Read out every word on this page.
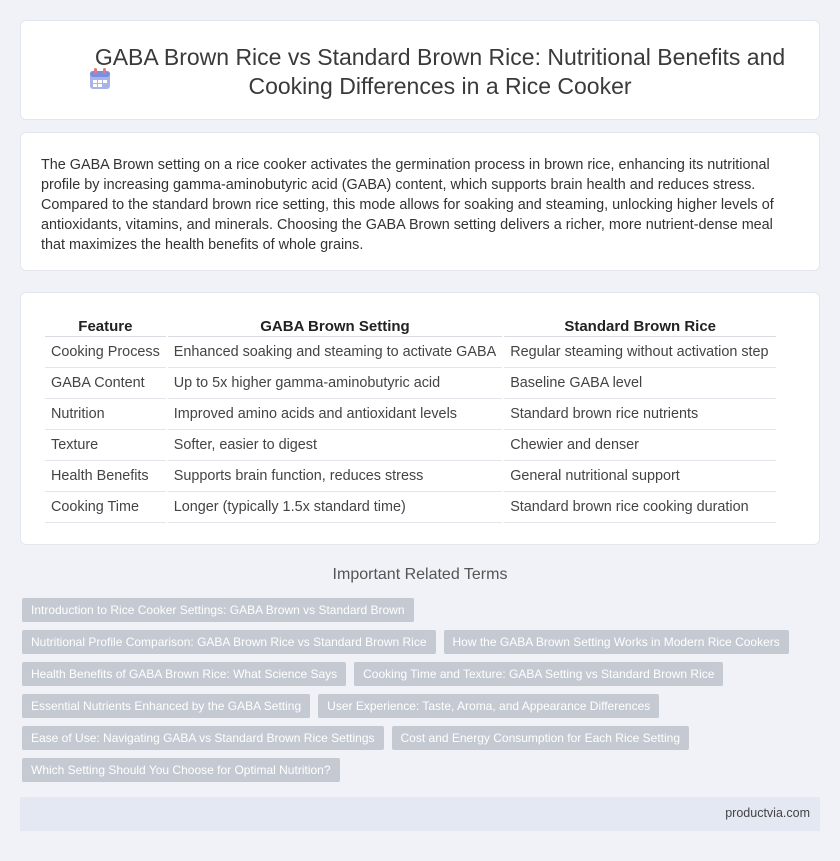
GABA Brown Rice vs Standard Brown Rice: Nutritional Benefits and Cooking Differences in a Rice Cooker

The GABA Brown setting on a rice cooker activates the germination process in brown rice, enhancing its nutritional profile by increasing gamma-aminobutyric acid (GABA) content, which supports brain health and reduces stress. Compared to the standard brown rice setting, this mode allows for soaking and steaming, unlocking higher levels of antioxidants, vitamins, and minerals. Choosing the GABA Brown setting delivers a richer, more nutrient-dense meal that maximizes the health benefits of whole grains.

Feature	GABA Brown Setting	Standard Brown Rice
Cooking Process	Enhanced soaking and steaming to activate GABA	Regular steaming without activation step
GABA Content	Up to 5x higher gamma-aminobutyric acid	Baseline GABA level
Nutrition	Improved amino acids and antioxidant levels	Standard brown rice nutrients
Texture	Softer, easier to digest	Chewier and denser
Health Benefits	Supports brain function, reduces stress	General nutritional support
Cooking Time	Longer (typically 1.5x standard time)	Standard brown rice cooking duration
Important Related Terms
Introduction to Rice Cooker Settings: GABA Brown vs Standard Brown
Nutritional Profile Comparison: GABA Brown Rice vs Standard Brown Rice	How the GABA Brown Setting Works in Modern Rice Cookers
Health Benefits of GABA Brown Rice: What Science Says	Cooking Time and Texture: GABA Setting vs Standard Brown Rice
Essential Nutrients Enhanced by the GABA Setting	User Experience: Taste, Aroma, and Appearance Differences
Ease of Use: Navigating GABA vs Standard Brown Rice Settings	Cost and Energy Consumption for Each Rice Setting
Which Setting Should You Choose for Optimal Nutrition?
productvia.com
